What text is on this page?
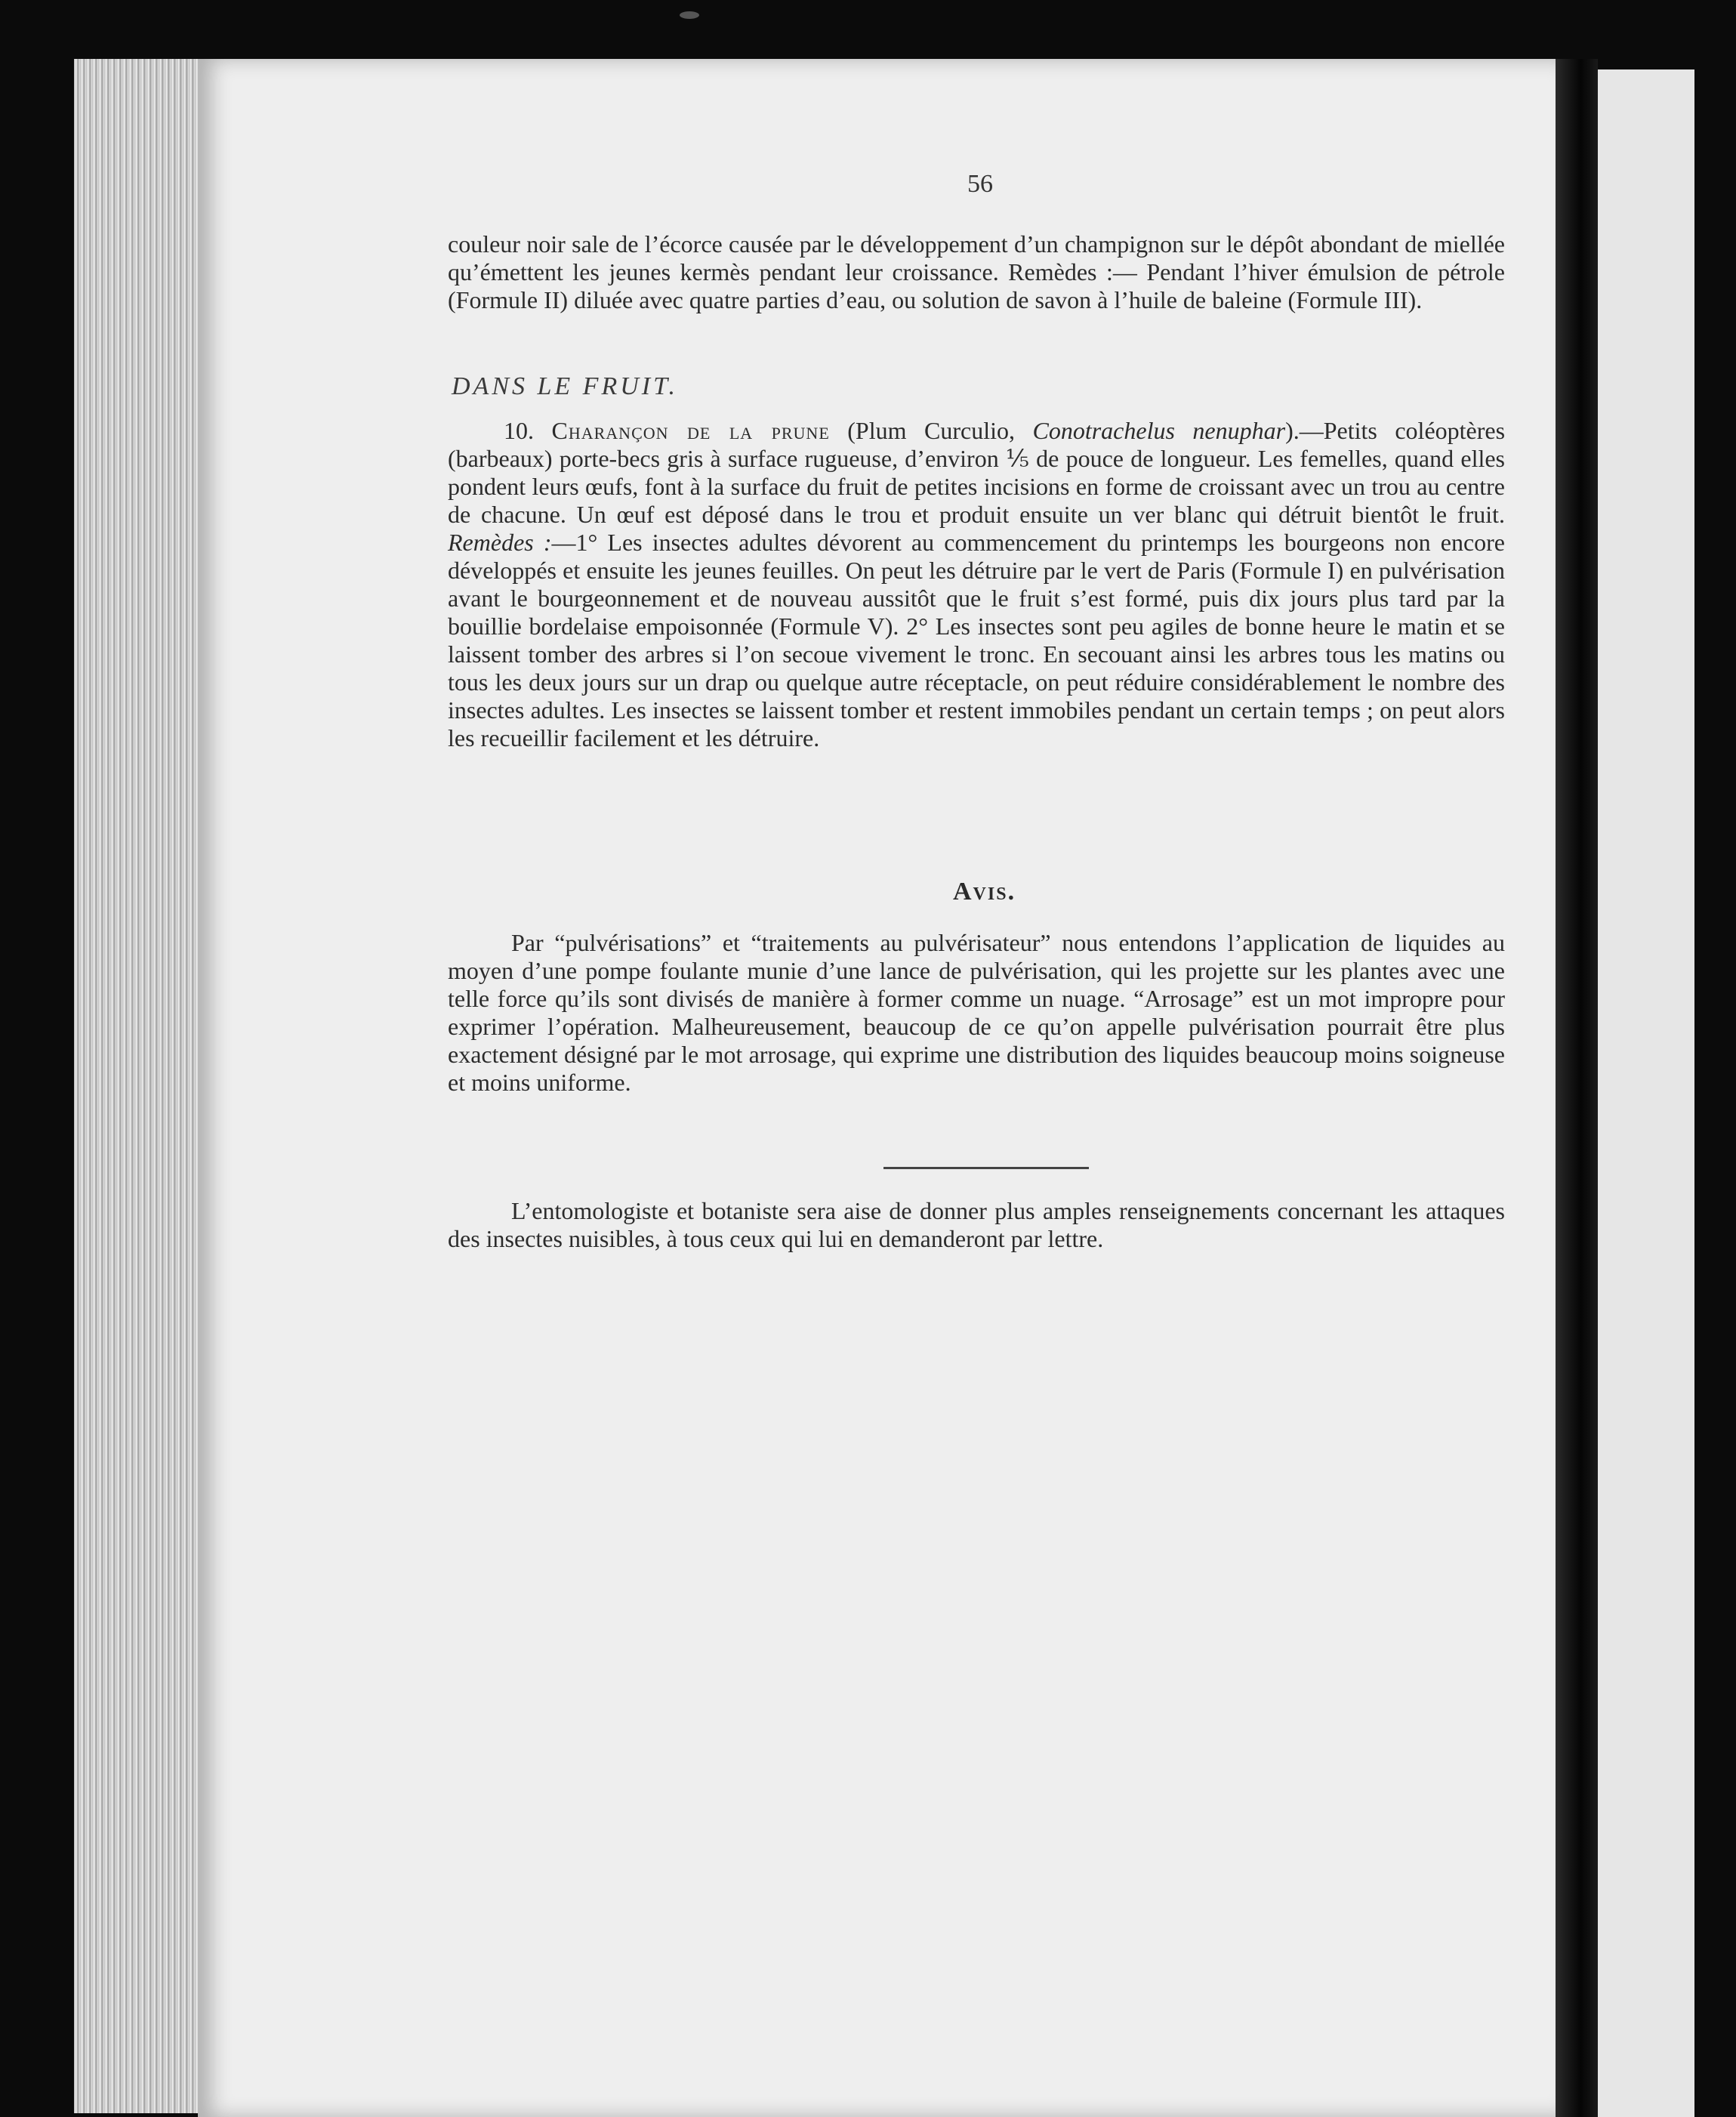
56

couleur noir sale de l’écorce causée par le développement d’un champignon sur le dépôt abondant de miellée qu’émettent les jeunes kermès pendant leur croissance. Remèdes :— Pendant l’hiver émulsion de pétrole (Formule II) diluée avec quatre parties d’eau, ou solution de savon à l’huile de baleine (Formule III).

DANS LE FRUIT.

10. Charançon de la prune (Plum Curculio, Conotrachelus nenuphar).—Petits coléoptères (barbeaux) porte-becs gris à surface rugueuse, d’environ ⅕ de pouce de longueur. Les femelles, quand elles pondent leurs œufs, font à la surface du fruit de petites incisions en forme de croissant avec un trou au centre de chacune. Un œuf est déposé dans le trou et produit ensuite un ver blanc qui détruit bientôt le fruit. Remèdes :—1° Les insectes adultes dévorent au commencement du printemps les bourgeons non encore développés et ensuite les jeunes feuilles. On peut les détruire par le vert de Paris (Formule I) en pulvérisation avant le bourgeonnement et de nouveau aussitôt que le fruit s’est formé, puis dix jours plus tard par la bouillie bordelaise empoisonnée (Formule V). 2° Les insectes sont peu agiles de bonne heure le matin et se laissent tomber des arbres si l’on secoue vivement le tronc. En secouant ainsi les arbres tous les matins ou tous les deux jours sur un drap ou quelque autre réceptacle, on peut réduire considérablement le nombre des insectes adultes. Les insectes se laissent tomber et restent immobiles pendant un certain temps ; on peut alors les recueillir facilement et les détruire.

Avis.

Par “pulvérisations” et “traitements au pulvérisateur” nous entendons l’application de liquides au moyen d’une pompe foulante munie d’une lance de pulvérisation, qui les projette sur les plantes avec une telle force qu’ils sont divisés de manière à former comme un nuage. “Arrosage” est un mot impropre pour exprimer l’opération. Malheureusement, beaucoup de ce qu’on appelle pulvérisation pourrait être plus exactement désigné par le mot arrosage, qui exprime une distribution des liquides beaucoup moins soigneuse et moins uniforme.

L’entomologiste et botaniste sera aise de donner plus amples renseignements concernant les attaques des insectes nuisibles, à tous ceux qui lui en demanderont par lettre.
